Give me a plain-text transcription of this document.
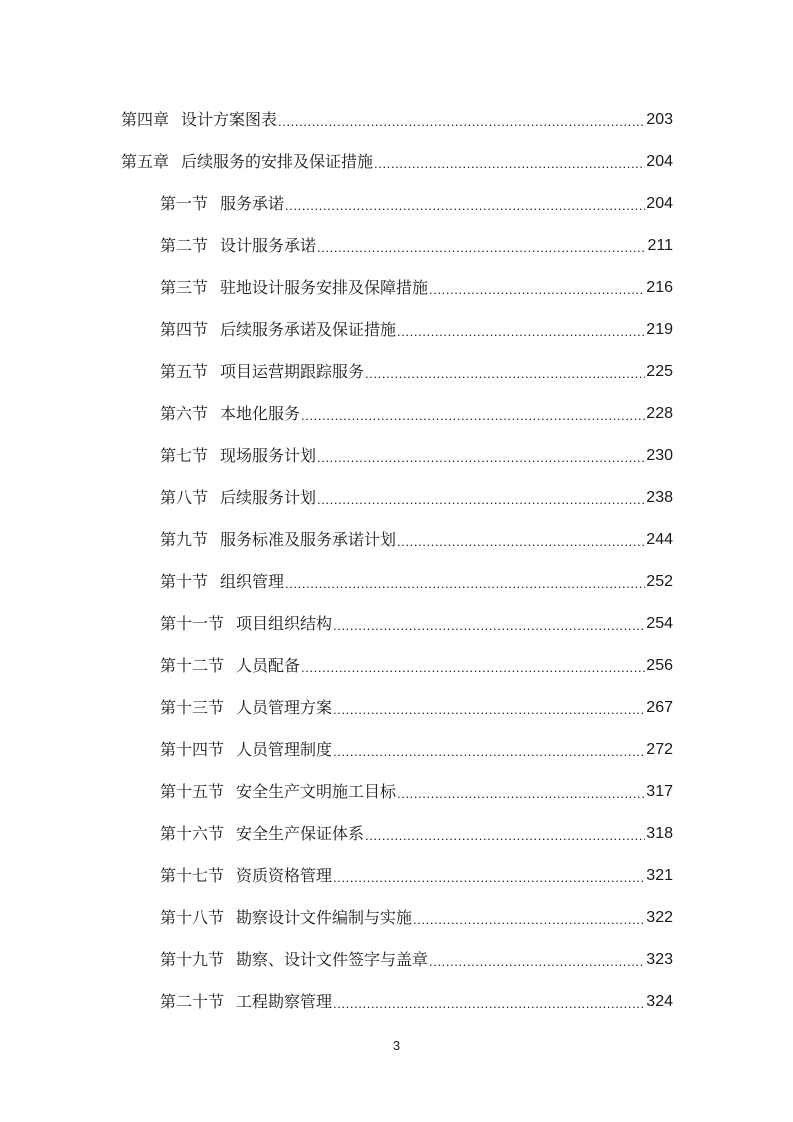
第四章 设计方案图表 .....	203
第五章 后续服务的安排及保证措施 .....	204
第一节 服务承诺 .....	204
第二节 设计服务承诺 .....	211
第三节 驻地设计服务安排及保障措施 .....	216
第四节 后续服务承诺及保证措施 .....	219
第五节 项目运营期跟踪服务 .....	225
第六节 本地化服务 .....	228
第七节 现场服务计划 .....	230
第八节 后续服务计划 .....	238
第九节 服务标准及服务承诺计划 .....	244
第十节 组织管理 .....	252
第十一节 项目组织结构 .....	254
第十二节 人员配备 .....	256
第十三节 人员管理方案 .....	267
第十四节 人员管理制度 .....	272
第十五节 安全生产文明施工目标 .....	317
第十六节 安全生产保证体系 .....	318
第十七节 资质资格管理 .....	321
第十八节 勘察设计文件编制与实施 .....	322
第十九节 勘察、设计文件签字与盖章 .....	323
第二十节 工程勘察管理 .....	324
3
